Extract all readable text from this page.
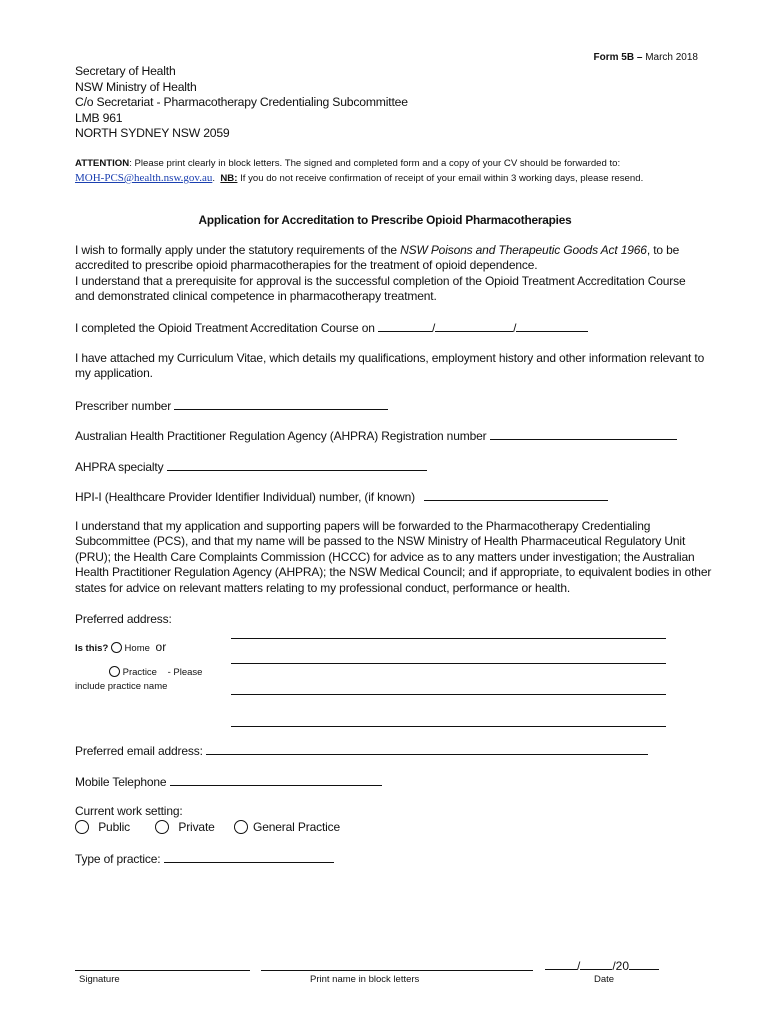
Form 5B – March 2018
Secretary of Health
NSW Ministry of Health
C/o Secretariat - Pharmacotherapy Credentialing Subcommittee
LMB 961
NORTH SYDNEY NSW 2059
ATTENTION: Please print clearly in block letters. The signed and completed form and a copy of your CV should be forwarded to:
MOH-PCS@health.nsw.gov.au. NB: If you do not receive confirmation of receipt of your email within 3 working days, please resend.
Application for Accreditation to Prescribe Opioid Pharmacotherapies
I wish to formally apply under the statutory requirements of the NSW Poisons and Therapeutic Goods Act 1966, to be accredited to prescribe opioid pharmacotherapies for the treatment of opioid dependence.
I understand that a prerequisite for approval is the successful completion of the Opioid Treatment Accreditation Course and demonstrated clinical competence in pharmacotherapy treatment.
I completed the Opioid Treatment Accreditation Course on	/	/
I have attached my Curriculum Vitae, which details my qualifications, employment history and other information relevant to my application.
Prescriber number
Australian Health Practitioner Regulation Agency (AHPRA) Registration number
AHPRA specialty
HPI-I (Healthcare Provider Identifier Individual) number, (if known)
I understand that my application and supporting papers will be forwarded to the Pharmacotherapy Credentialing Subcommittee (PCS), and that my name will be passed to the NSW Ministry of Health Pharmaceutical Regulatory Unit (PRU); the Health Care Complaints Commission (HCCC) for advice as to any matters under investigation; the Australian Health Practitioner Regulation Agency (AHPRA); the NSW Medical Council; and if appropriate, to equivalent bodies in other states for advice on relevant matters relating to my professional conduct, performance or health.
Preferred address:
Is this? Home or
Practice - Please
include practice name
Preferred email address:
Mobile Telephone
Current work setting:
Public	Private	General Practice
Type of practice:
/	/20
Signature	Print name in block letters	Date
